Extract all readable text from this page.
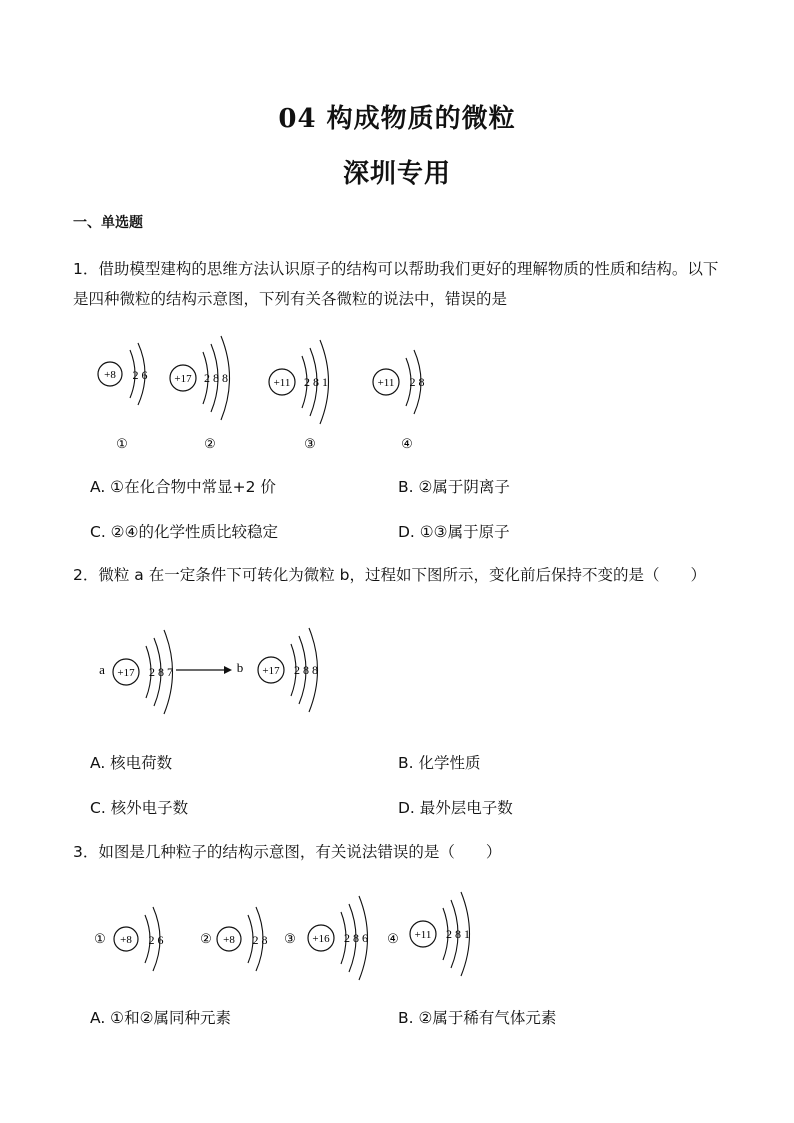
04 构成物质的微粒
深圳专用
一、单选题
1．借助模型建构的思维方法认识原子的结构可以帮助我们更好的理解物质的性质和结构。以下是四种微粒的结构示意图，下列有关各微粒的说法中，错误的是
+8 2 6
①
+17 2 8 8
②
+11 2 8 1
③
+11 2 8
④
A. ①在化合物中常显+2 价	B. ②属于阴离子
C. ②④的化学性质比较稳定	D. ①③属于原子
2．微粒 a 在一定条件下可转化为微粒 b，过程如下图所示，变化前后保持不变的是（　　）
a +17 2 8 7	b +17 2 8 8
A. 核电荷数	B. 化学性质
C. 核外电子数	D. 最外层电子数
3．如图是几种粒子的结构示意图，有关说法错误的是（　　）
① +8 2 6	② +8 2 8 ③ +16 2 8 6 ④ +11 2 8 1
A. ①和②属同种元素	B. ②属于稀有气体元素
